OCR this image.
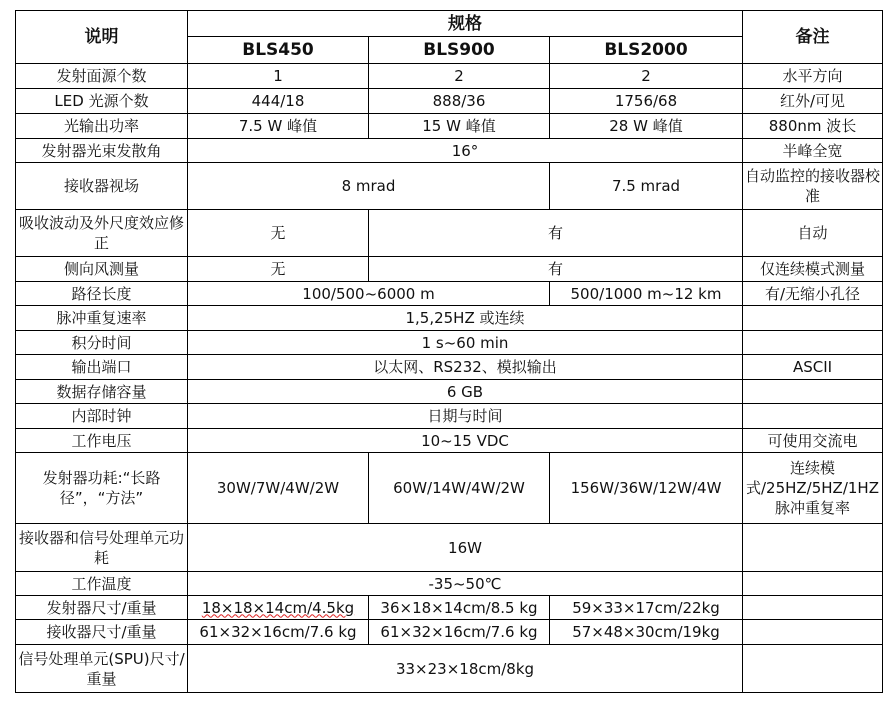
说明	规格			备注
	BLS450	BLS900	BLS2000	
发射面源个数	1	2	2	水平方向
LED 光源个数	444/18	888/36	1756/68	红外/可见
光输出功率	7.5 W 峰值	15 W 峰值	28 W 峰值	880nm 波长
发射器光束发散角	16°			半峰全宽
接收器视场	8 mrad		7.5 mrad	自动监控的接收器校准
吸收波动及外尺度效应修正	无	有		自动
侧向风测量	无	有		仅连续模式测量
路径长度	100/500~6000 m		500/1000 m~12 km	有/无缩小孔径
脉冲重复速率	1,5,25HZ 或连续			
积分时间	1 s~60 min			
输出端口	以太网、RS232、模拟输出			ASCII
数据存储容量	6 GB			
内部时钟	日期与时间			
工作电压	10~15 VDC			可使用交流电
发射器功耗:“长路径”，“方法”	30W/7W/4W/2W	60W/14W/4W/2W	156W/36W/12W/4W	连续模式/25HZ/5HZ/1HZ 脉冲重复率
接收器和信号处理单元功耗	16W			
工作温度	-35~50℃			
发射器尺寸/重量	18×18×14cm/4.5kg	36×18×14cm/8.5 kg	59×33×17cm/22kg	
接收器尺寸/重量	61×32×16cm/7.6 kg	61×32×16cm/7.6 kg	57×48×30cm/19kg	
信号处理单元(SPU)尺寸/重量	33×23×18cm/8kg			
